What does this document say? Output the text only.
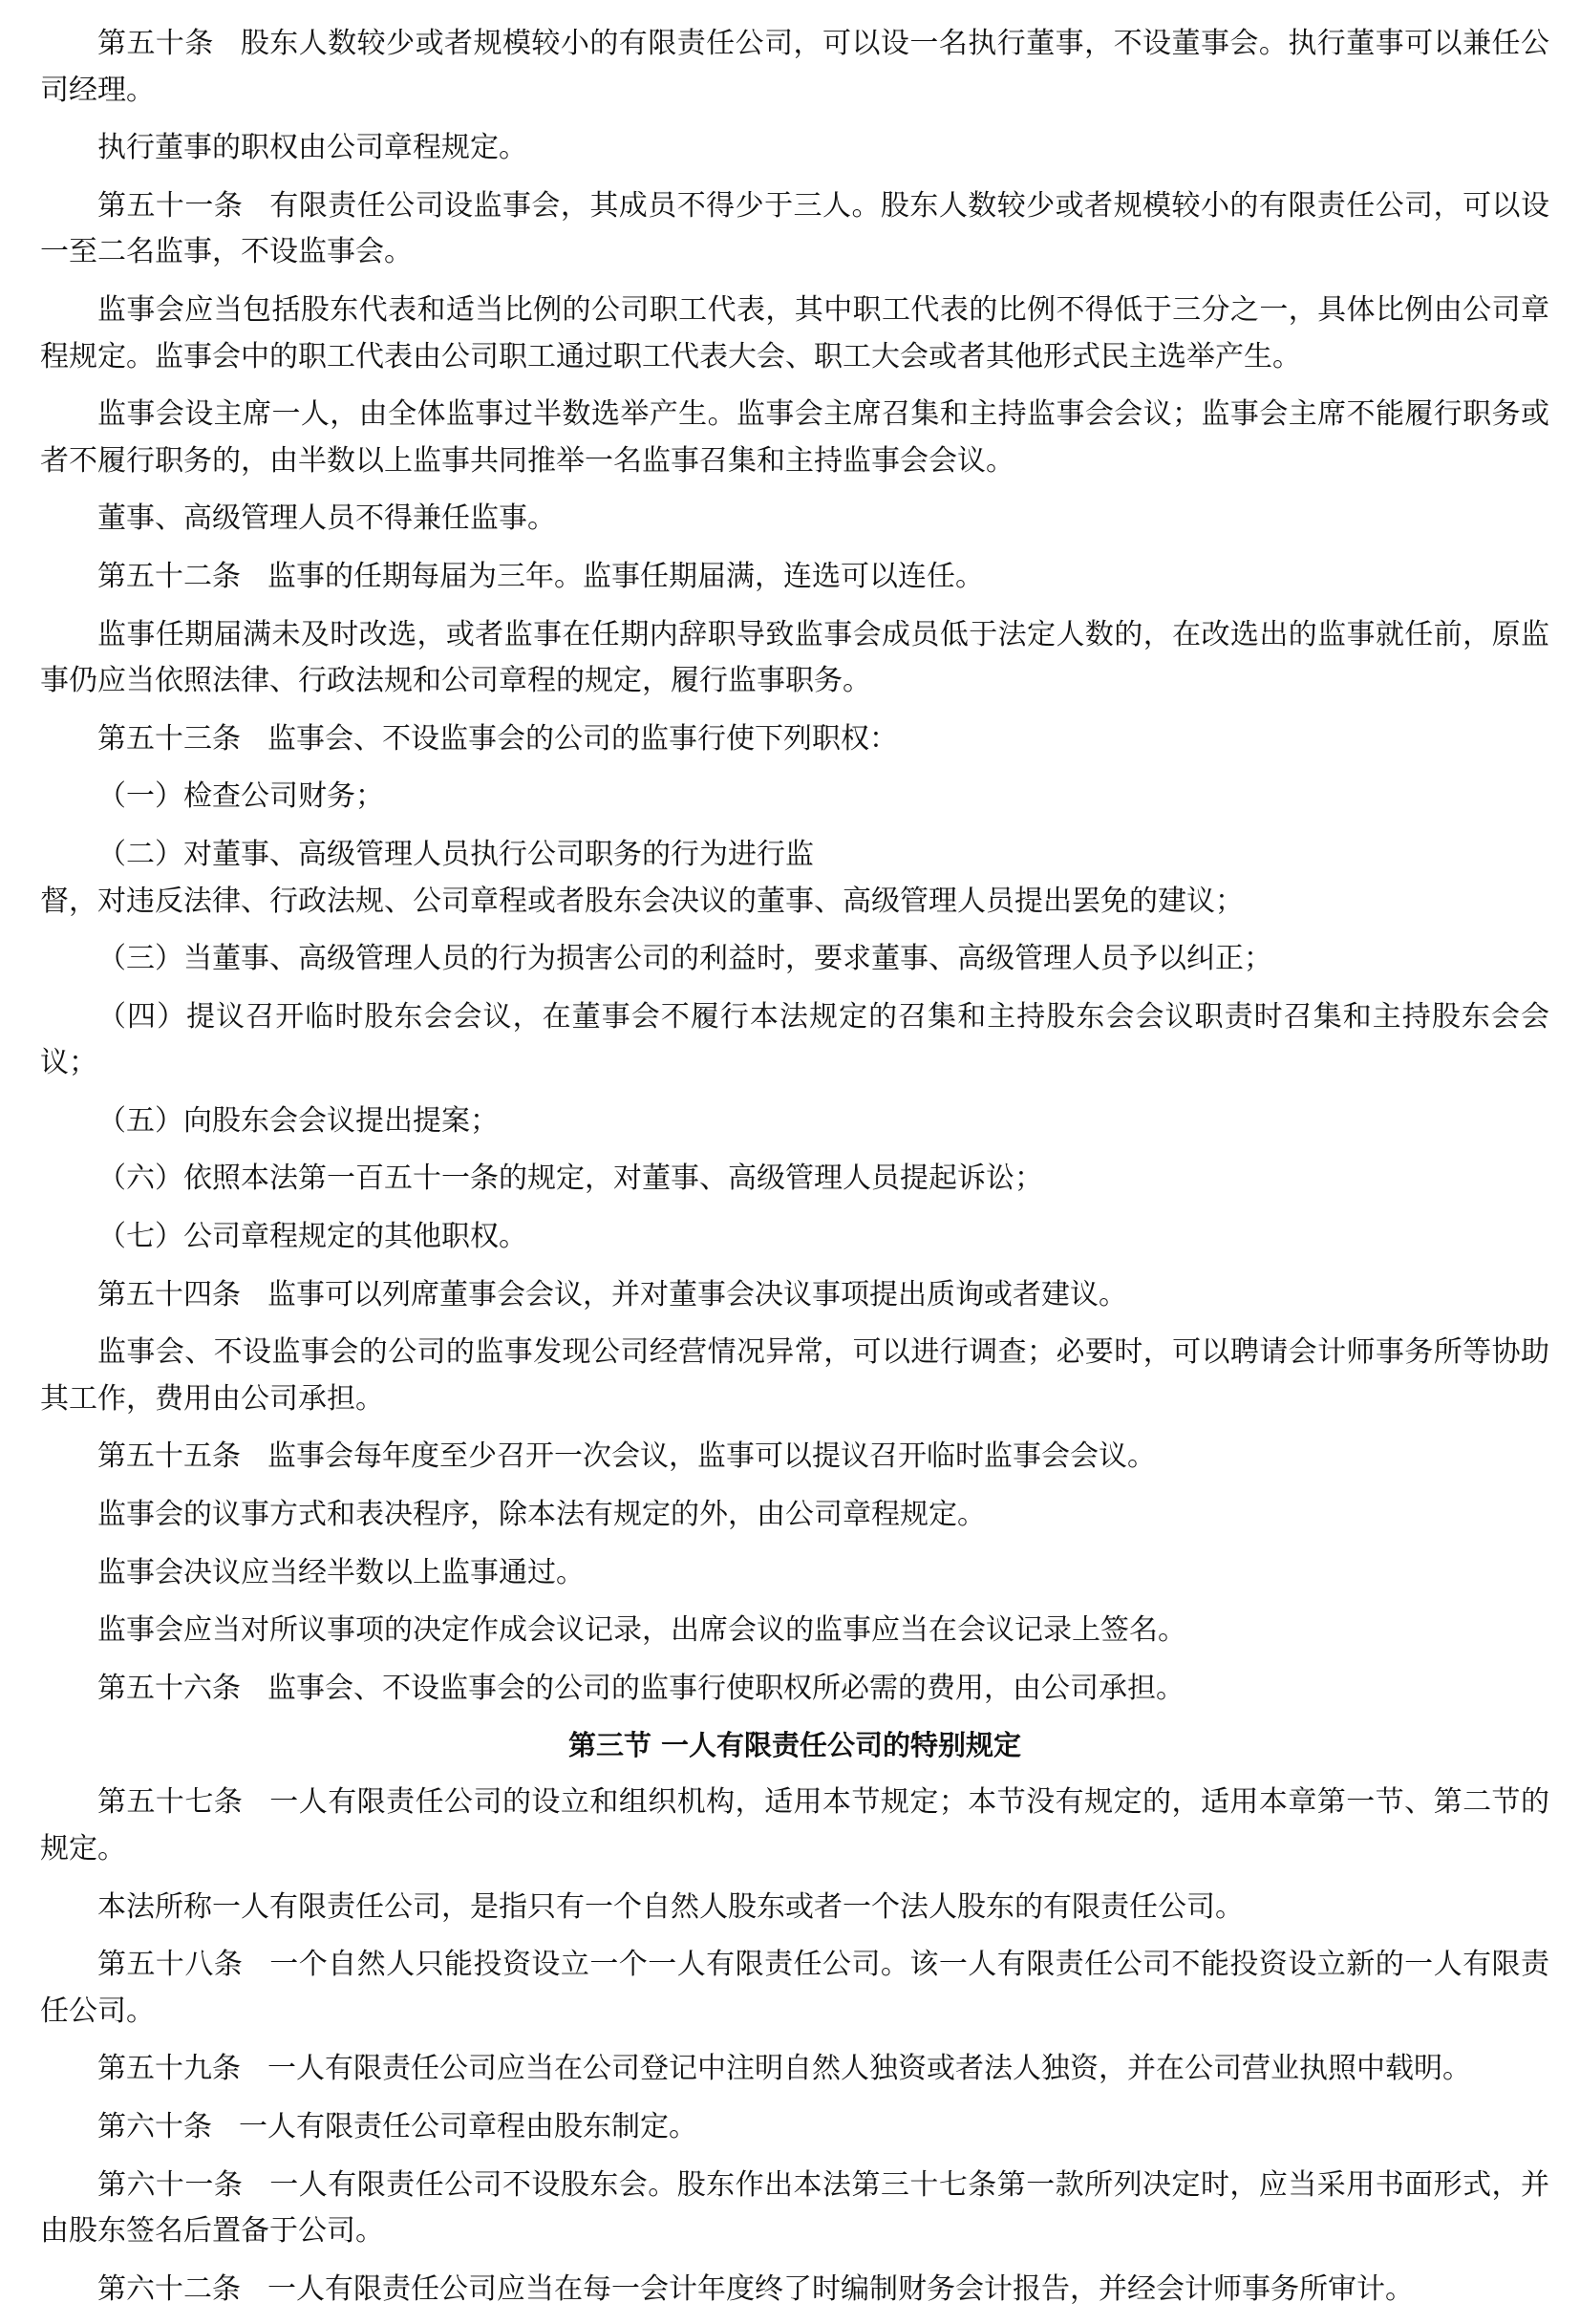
第五十条 股东人数较少或者规模较小的有限责任公司，可以设一名执行董事，不设董事会。执行董事可以兼任公司经理。

执行董事的职权由公司章程规定。

第五十一条 有限责任公司设监事会，其成员不得少于三人。股东人数较少或者规模较小的有限责任公司，可以设一至二名监事，不设监事会。

监事会应当包括股东代表和适当比例的公司职工代表，其中职工代表的比例不得低于三分之一，具体比例由公司章程规定。监事会中的职工代表由公司职工通过职工代表大会、职工大会或者其他形式民主选举产生。

监事会设主席一人，由全体监事过半数选举产生。监事会主席召集和主持监事会会议；监事会主席不能履行职务或者不履行职务的，由半数以上监事共同推举一名监事召集和主持监事会会议。

董事、高级管理人员不得兼任监事。

第五十二条 监事的任期每届为三年。监事任期届满，连选可以连任。

监事任期届满未及时改选，或者监事在任期内辞职导致监事会成员低于法定人数的，在改选出的监事就任前，原监事仍应当依照法律、行政法规和公司章程的规定，履行监事职务。

第五十三条 监事会、不设监事会的公司的监事行使下列职权：

（一）检查公司财务；

（二）对董事、高级管理人员执行公司职务的行为进行监

督，对违反法律、行政法规、公司章程或者股东会决议的董事、高级管理人员提出罢免的建议；

（三）当董事、高级管理人员的行为损害公司的利益时，要求董事、高级管理人员予以纠正；

（四）提议召开临时股东会会议，在董事会不履行本法规定的召集和主持股东会会议职责时召集和主持股东会会议；

（五）向股东会会议提出提案；

（六）依照本法第一百五十一条的规定，对董事、高级管理人员提起诉讼；

（七）公司章程规定的其他职权。

第五十四条 监事可以列席董事会会议，并对董事会决议事项提出质询或者建议。

监事会、不设监事会的公司的监事发现公司经营情况异常，可以进行调查；必要时，可以聘请会计师事务所等协助其工作，费用由公司承担。

第五十五条 监事会每年度至少召开一次会议，监事可以提议召开临时监事会会议。

监事会的议事方式和表决程序，除本法有规定的外，由公司章程规定。

监事会决议应当经半数以上监事通过。

监事会应当对所议事项的决定作成会议记录，出席会议的监事应当在会议记录上签名。

第五十六条 监事会、不设监事会的公司的监事行使职权所必需的费用，由公司承担。

第三节 一人有限责任公司的特别规定

第五十七条 一人有限责任公司的设立和组织机构，适用本节规定；本节没有规定的，适用本章第一节、第二节的规定。

本法所称一人有限责任公司，是指只有一个自然人股东或者一个法人股东的有限责任公司。

第五十八条 一个自然人只能投资设立一个一人有限责任公司。该一人有限责任公司不能投资设立新的一人有限责任公司。

第五十九条 一人有限责任公司应当在公司登记中注明自然人独资或者法人独资，并在公司营业执照中载明。

第六十条 一人有限责任公司章程由股东制定。

第六十一条 一人有限责任公司不设股东会。股东作出本法第三十七条第一款所列决定时，应当采用书面形式，并由股东签名后置备于公司。

第六十二条 一人有限责任公司应当在每一会计年度终了时编制财务会计报告，并经会计师事务所审计。
